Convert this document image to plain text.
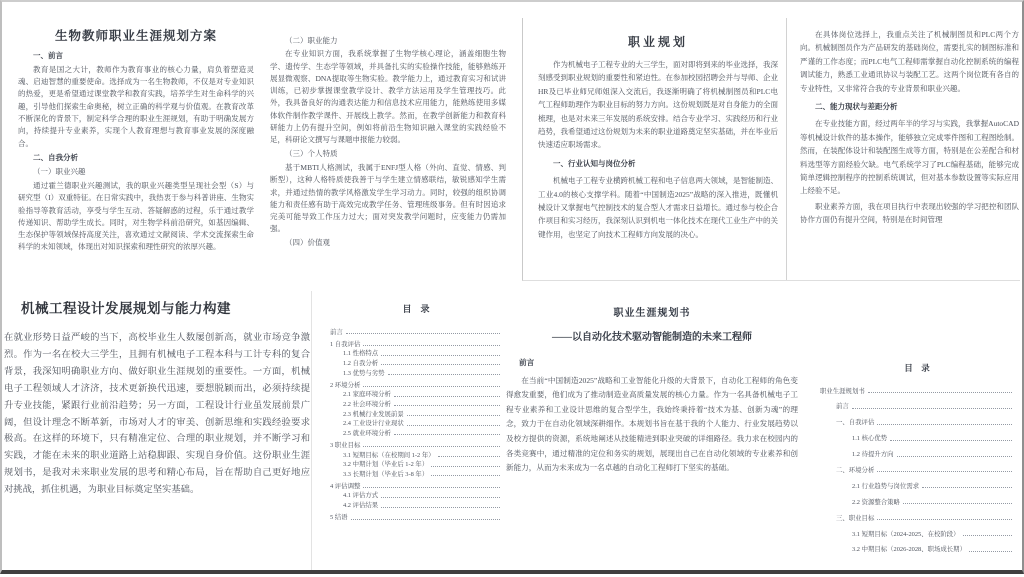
生物教师职业生涯规划方案
一、前言
教育是国之大计，教师作为教育事业的核心力量，肩负着塑造灵魂、启迪智慧的重要使命。选择成为一名生物教师，不仅是对专业知识的热爱，更是希望通过课堂教学和教育实践，培养学生对生命科学的兴趣，引导他们探索生命奥秘，树立正确的科学观与价值观。在教育改革不断深化的背景下，制定科学合理的职业生涯规划，有助于明确发展方向，持续提升专业素养，实现个人教育理想与教育事业发展的深度融合。
二、自我分析
（一）职业兴趣
通过霍兰德职业兴趣测试，我的职业兴趣类型呈现社会型（S）与研究型（I）双重特征。在日常实践中，我热衷于参与科普讲座、生物实验指导等教育活动，享受与学生互动、答疑解惑的过程，乐于通过教学传递知识、帮助学生成长。同时，对生物学科前沿研究，如基因编辑、生态保护等领域保持高度关注，喜欢通过文献阅读、学术交流探索生命科学的未知领域，体现出对知识探索和理性研究的浓厚兴趣。
（二）职业能力
在专业知识方面，我系统掌握了生物学核心理论，涵盖细胞生物学、遗传学、生态学等领域，并具备扎实的实验操作技能，能够熟练开展显微观察、DNA提取等生物实验。教学能力上，通过教育实习和试讲训练，已初步掌握课堂教学设计、教学方法运用及学生管理技巧。此外，我具备良好的沟通表达能力和信息技术应用能力，能熟练使用多媒体软件制作教学课件、开展线上教学。然而，在教学创新能力和教育科研能力上仍有提升空间，例如将前沿生物知识融入课堂的实践经验不足，科研论文撰写与课题申报能力较弱。
（三）个人特质
基于MBTI人格测试，我属于ENFJ型人格（外向、直觉、情感、判断型），这种人格特质使我善于与学生建立情感联结，敏锐感知学生需求，并通过热情的教学风格激发学生学习动力。同时，较强的组织协调能力和责任感有助于高效完成教学任务、管理班级事务。但有时因追求完美可能导致工作压力过大；面对突发教学问题时，应变能力仍需加强。
（四）价值观
职业规划
作为机械电子工程专业的大三学生，面对即将到来的毕业选择，我深刻感受到职业规划的重要性和紧迫性。在参加校园招聘会并与导师、企业HR及已毕业师兄师姐深入交流后，我逐渐明确了将机械制图员和PLC电气工程师助理作为职业目标的努力方向。这份规划既是对自身能力的全面梳理，也是对未来三年发展的系统安排。结合专业学习、实践经历和行业趋势，我希望通过这份规划为未来的职业道路奠定坚实基础，并在毕业后快速适应职场需求。
一、行业认知与岗位分析
机械电子工程专业横跨机械工程和电子信息两大领域，是智能制造、工业4.0的核心支撑学科。随着“中国制造2025”战略的深入推进，既懂机械设计又掌握电气控制技术的复合型人才需求日益增长。通过参与校企合作项目和实习经历，我深刻认识到机电一体化技术在现代工业生产中的关键作用，也坚定了向技术工程师方向发展的决心。
在具体岗位选择上，我重点关注了机械制图员和PLC两个方向。机械制图员作为产品研发的基础岗位，需要扎实的制图标准和严谨的工作态度；而PLC电气工程师需掌握自动化控制系统的编程调试能力，熟悉工业通讯协议与装配工艺。这两个岗位既有各自的专业特性，又非常符合我的专业背景和职业兴趣。
二、能力现状与差距分析
在专业技能方面，经过两年半的学习与实践，我掌握AutoCAD等机械设计软件的基本操作，能够独立完成零件图和工程图绘制。然而，在装配体设计和装配图生成等方面，特别是在公差配合和材料选型等方面经验欠缺。电气系统学习了PLC编程基础，能够完成简单逻辑控制程序的控制系统调试，但对基本参数设置等实际应用上经验不足。
职业素养方面，我在项目执行中表现出较强的学习把控和团队协作方面仍有提升空间，特别是在时间管理
机械工程设计发展规划与能力构建
在就业形势日益严峻的当下，高校毕业生人数屡创新高，就业市场竞争激烈。作为一名在校大三学生，且拥有机械电子工程本科与工计专科的复合背景，我深知明确职业方向、做好职业生涯规划的重要性。一方面，机械电子工程领域人才济济，技术更新换代迅速，要想脱颖而出，必须持续提升专业技能，紧跟行业前沿趋势；另一方面，工程设计行业虽发展前景广阔，但设计理念不断革新，市场对人才的审美、创新思维和实践经验要求极高。在这样的环境下，只有精准定位、合理的职业规划，并不断学习和实践，才能在未来的职业道路上站稳脚跟、实现自身价值。这份职业生涯规划书，是我对未来职业发展的思考和精心布局，旨在帮助自己更好地应对挑战，抓住机遇，为职业目标奠定坚实基础。
目　录
前言
1 自我评估
1.1 性格特点
1.2 自我分析
1.3 优势与劣势
2 环境分析
2.1 家庭环境分析
2.2 社会环境分析
2.3 机械行业发展前景
2.4 工业设计行业现状
2.5 就业环境分析
3 职业目标
3.1 短期目标（在校期间 1-2 年）
3.2 中期计划（毕业后 1-2 年）
3.3 长期计划（毕业后 3-8 年）
4 评估调整
4.1 评估方式
4.2 评估结果
5 结语
职业生涯规划书
——以自动化技术驱动智能制造的未来工程师
前言
在当前“中国制造2025”战略和工业智能化升级的大背景下，自动化工程师的角色变得愈发重要，他们成为了推动制造业高质量发展的核心力量。作为一名具备机械电子工程专业素养和工业设计思维的复合型学生，我始终秉持着“技术为基、创新为魂”的理念，致力于在自动化领域深耕细作。本规划书旨在基于我的个人能力、行业发展趋势以及校方提供的资源，系统地阐述从技能精进到职业突破的详细路径。我力求在校园内的各类竞赛中，通过精准的定位和务实的规划，展现出自己在自动化领域的专业素养和创新能力，从而为未来成为一名卓越的自动化工程师打下坚实的基础。
目　录
职业生涯规划书
前言
一、自我评估
1.1 核心优势
1.2 待提升方向
二、环境分析
2.1 行业趋势与岗位需求
2.2 资源整合策略
三、职业目标
3.1 短期目标（2024-2025、在校阶段）
3.2 中期目标（2026-2028、职场成长期）
